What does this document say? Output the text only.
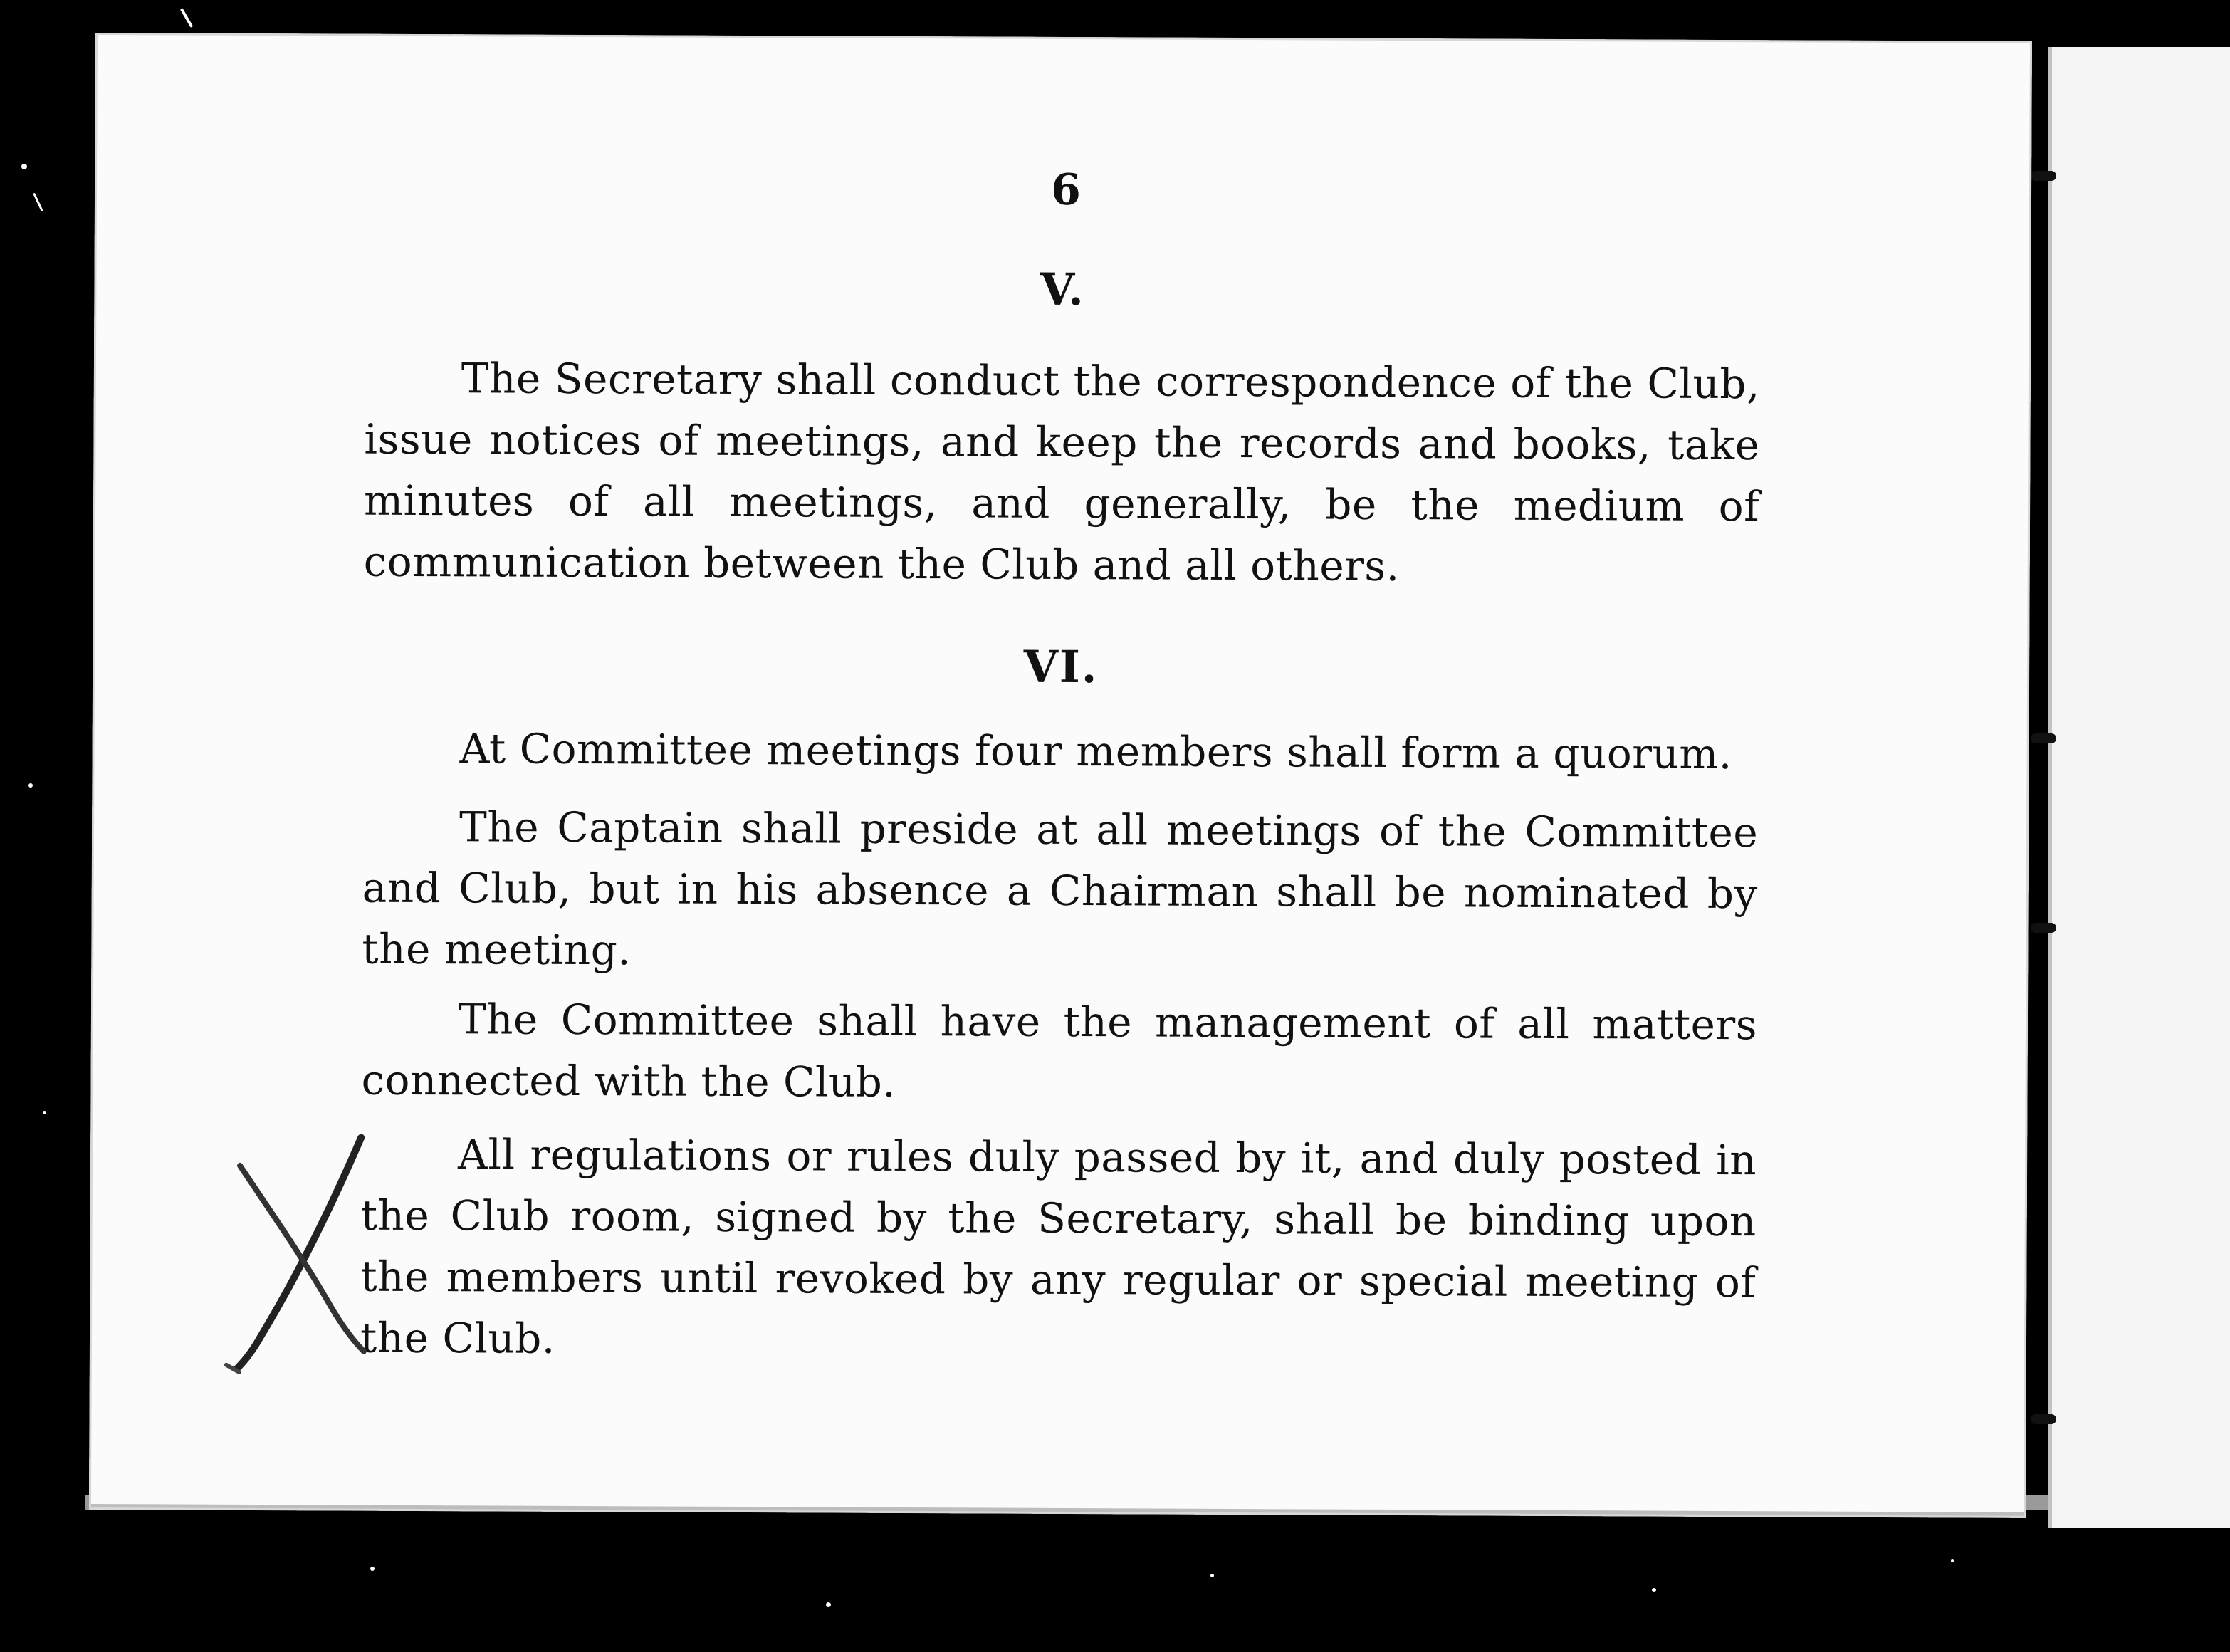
6
V.
The Secretary shall conduct the correspondence of the Club, issue notices of meetings, and keep the records and books, take minutes of all meetings, and generally, be the medium of communication between the Club and all others.
VI.
At Committee meetings four members shall form a quorum.
The Captain shall preside at all meetings of the Committee and Club, but in his absence a Chairman shall be nominated by the meeting.
The Committee shall have the management of all matters connected with the Club.
All regulations or rules duly passed by it, and duly posted in the Club room, signed by the Secretary, shall be binding upon the members until revoked by any regular or special meeting of the Club.
